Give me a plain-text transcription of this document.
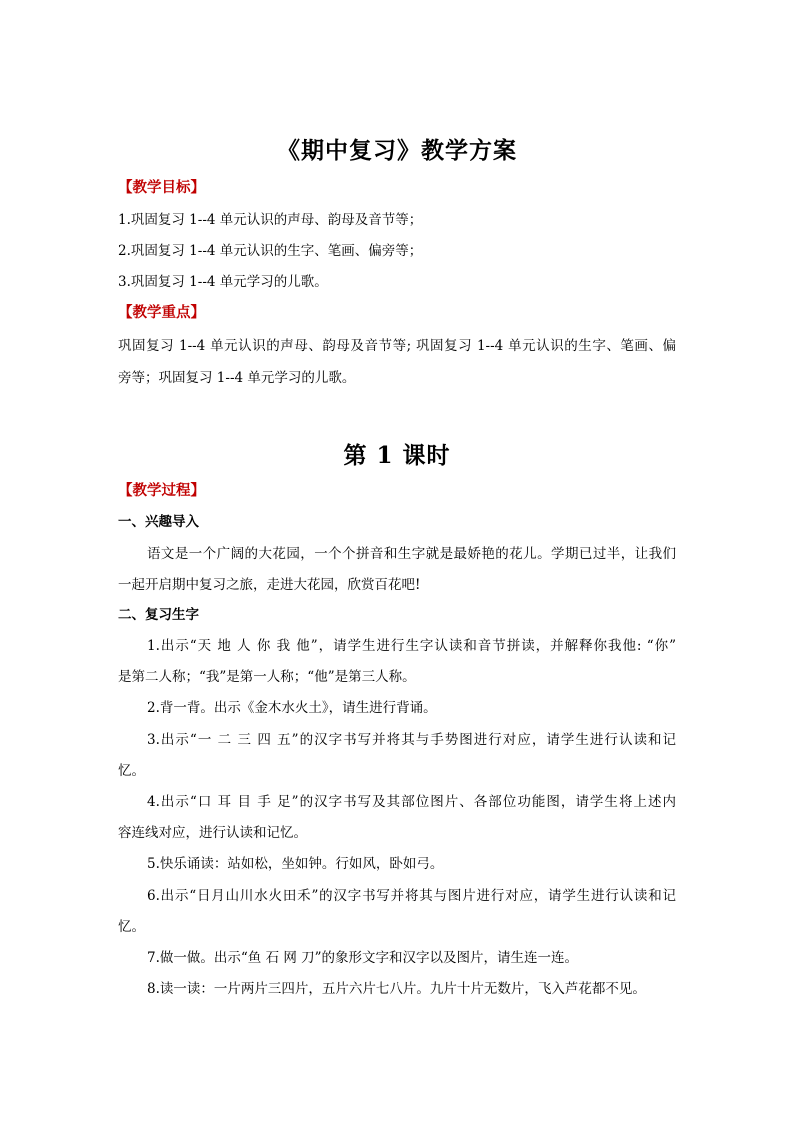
《期中复习》教学方案
【教学目标】
1.巩固复习 1--4 单元认识的声母、韵母及音节等；
2.巩固复习 1--4 单元认识的生字、笔画、偏旁等；
3.巩固复习 1--4 单元学习的儿歌。
【教学重点】
巩固复习 1--4 单元认识的声母、韵母及音节等; 巩固复习 1--4 单元认识的生字、笔画、偏
旁等；巩固复习 1--4 单元学习的儿歌。
第 1 课时
【教学过程】
一、兴趣导入
语文是一个广阔的大花园，一个个拼音和生字就是最娇艳的花儿。学期已过半，让我们
一起开启期中复习之旅，走进大花园，欣赏百花吧!
二、复习生字
1.出示“天 地 人 你 我 他”，请学生进行生字认读和音节拼读，并解释你我他: “你”
是第二人称；“我”是第一人称；“他”是第三人称。
2.背一背。出示《金木水火土》，请生进行背诵。
3.出示“一 二 三 四 五”的汉字书写并将其与手势图进行对应，请学生进行认读和记
忆。
4.出示“口 耳 目 手 足”的汉字书写及其部位图片、各部位功能图，请学生将上述内
容连线对应，进行认读和记忆。
5.快乐诵读：站如松，坐如钟。行如风，卧如弓。
6.出示“日月山川水火田禾”的汉字书写并将其与图片进行对应，请学生进行认读和记
忆。
7.做一做。出示“鱼 石 网 刀”的象形文字和汉字以及图片，请生连一连。
8.读一读：一片两片三四片，五片六片七八片。九片十片无数片，飞入芦花都不见。
